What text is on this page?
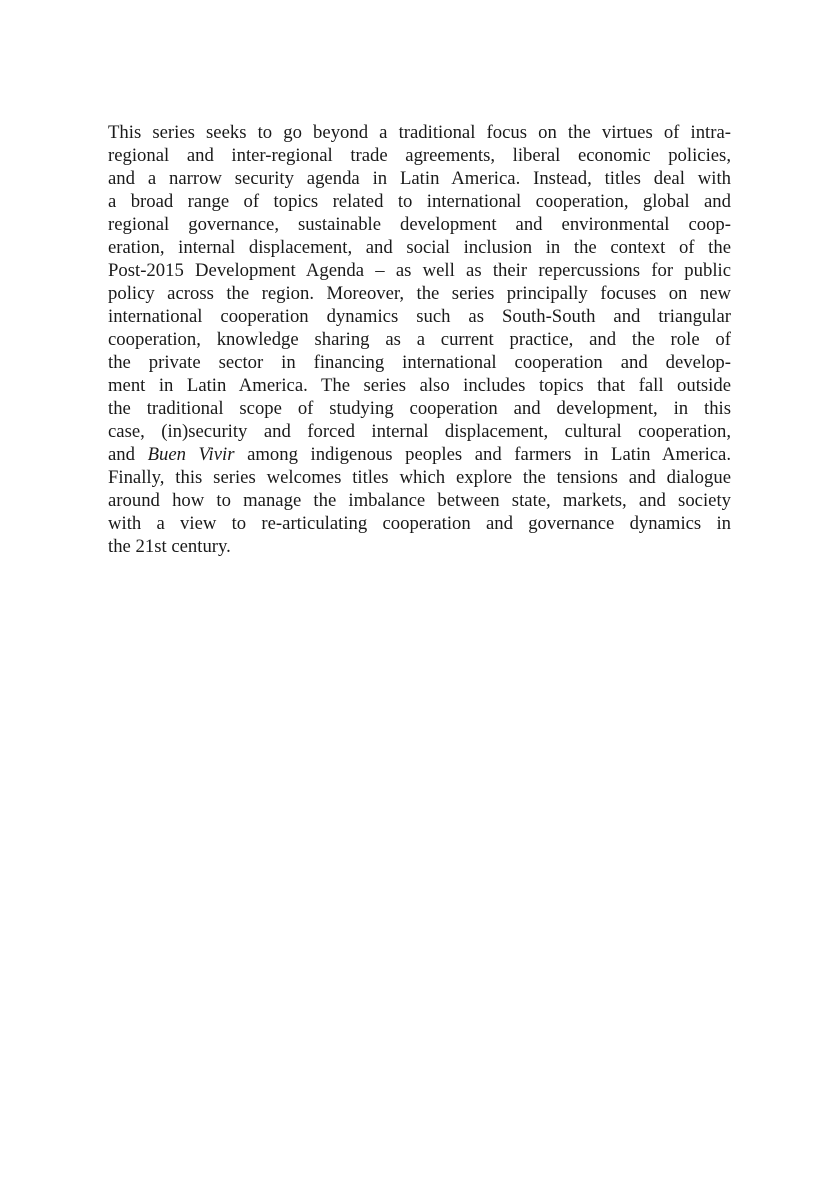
This series seeks to go beyond a traditional focus on the virtues of intra-
regional and inter-regional trade agreements, liberal economic policies,
and a narrow security agenda in Latin America. Instead, titles deal with
a broad range of topics related to international cooperation, global and
regional governance, sustainable development and environmental coop-
eration, internal displacement, and social inclusion in the context of the
Post-2015 Development Agenda – as well as their repercussions for public
policy across the region. Moreover, the series principally focuses on new
international cooperation dynamics such as South-South and triangular
cooperation, knowledge sharing as a current practice, and the role of
the private sector in financing international cooperation and develop-
ment in Latin America. The series also includes topics that fall outside
the traditional scope of studying cooperation and development, in this
case, (in)security and forced internal displacement, cultural cooperation,
and Buen Vivir among indigenous peoples and farmers in Latin America.
Finally, this series welcomes titles which explore the tensions and dialogue
around how to manage the imbalance between state, markets, and society
with a view to re-articulating cooperation and governance dynamics in
the 21st century.
